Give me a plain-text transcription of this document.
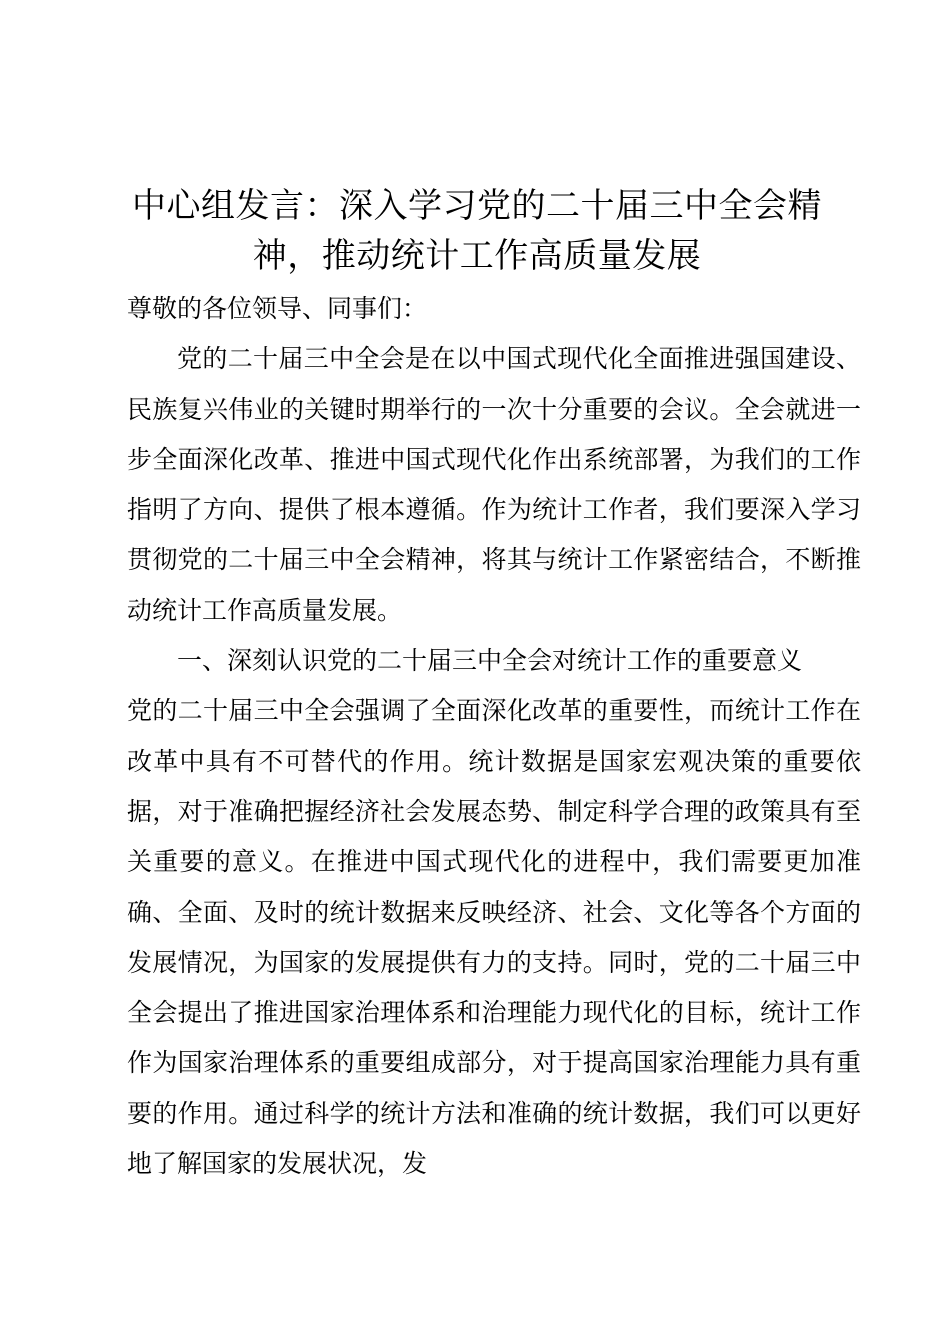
中心组发言：深入学习党的二十届三中全会精神，推动统计工作高质量发展

尊敬的各位领导、同事们：

党的二十届三中全会是在以中国式现代化全面推进强国建设、民族复兴伟业的关键时期举行的一次十分重要的会议。全会就进一步全面深化改革、推进中国式现代化作出系统部署，为我们的工作指明了方向、提供了根本遵循。作为统计工作者，我们要深入学习贯彻党的二十届三中全会精神，将其与统计工作紧密结合，不断推动统计工作高质量发展。

一、深刻认识党的二十届三中全会对统计工作的重要意义

党的二十届三中全会强调了全面深化改革的重要性，而统计工作在改革中具有不可替代的作用。统计数据是国家宏观决策的重要依据，对于准确把握经济社会发展态势、制定科学合理的政策具有至关重要的意义。在推进中国式现代化的进程中，我们需要更加准确、全面、及时的统计数据来反映经济、社会、文化等各个方面的发展情况，为国家的发展提供有力的支持。同时，党的二十届三中全会提出了推进国家治理体系和治理能力现代化的目标，统计工作作为国家治理体系的重要组成部分，对于提高国家治理能力具有重要的作用。通过科学的统计方法和准确的统计数据，我们可以更好地了解国家的发展状况，发
